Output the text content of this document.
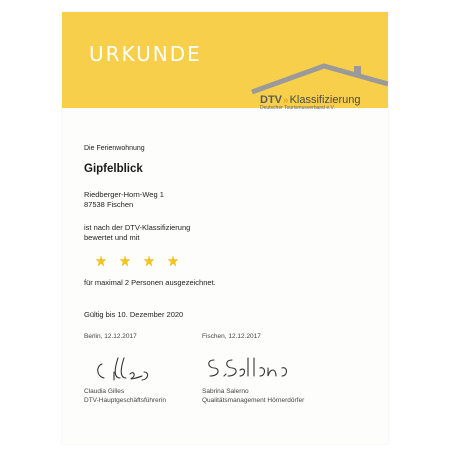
URKUNDE
DTV»Klassifizierung
Deutscher Tourismusverband e.V.
Die Ferienwohnung
Gipfelblick
Riedberger-Horn-Weg 1
87538 Fischen
ist nach der DTV-Klassifizierung
bewertet und mit
für maximal 2 Personen ausgezeichnet.
Gültig bis 10. Dezember 2020
Berlin, 12.12.2017	Fischen, 12.12.2017
Claudia Gilles
DTV-Hauptgeschäftsführerin
Sabrina Salerno
Qualitätsmanagement Hörnerdörfer
